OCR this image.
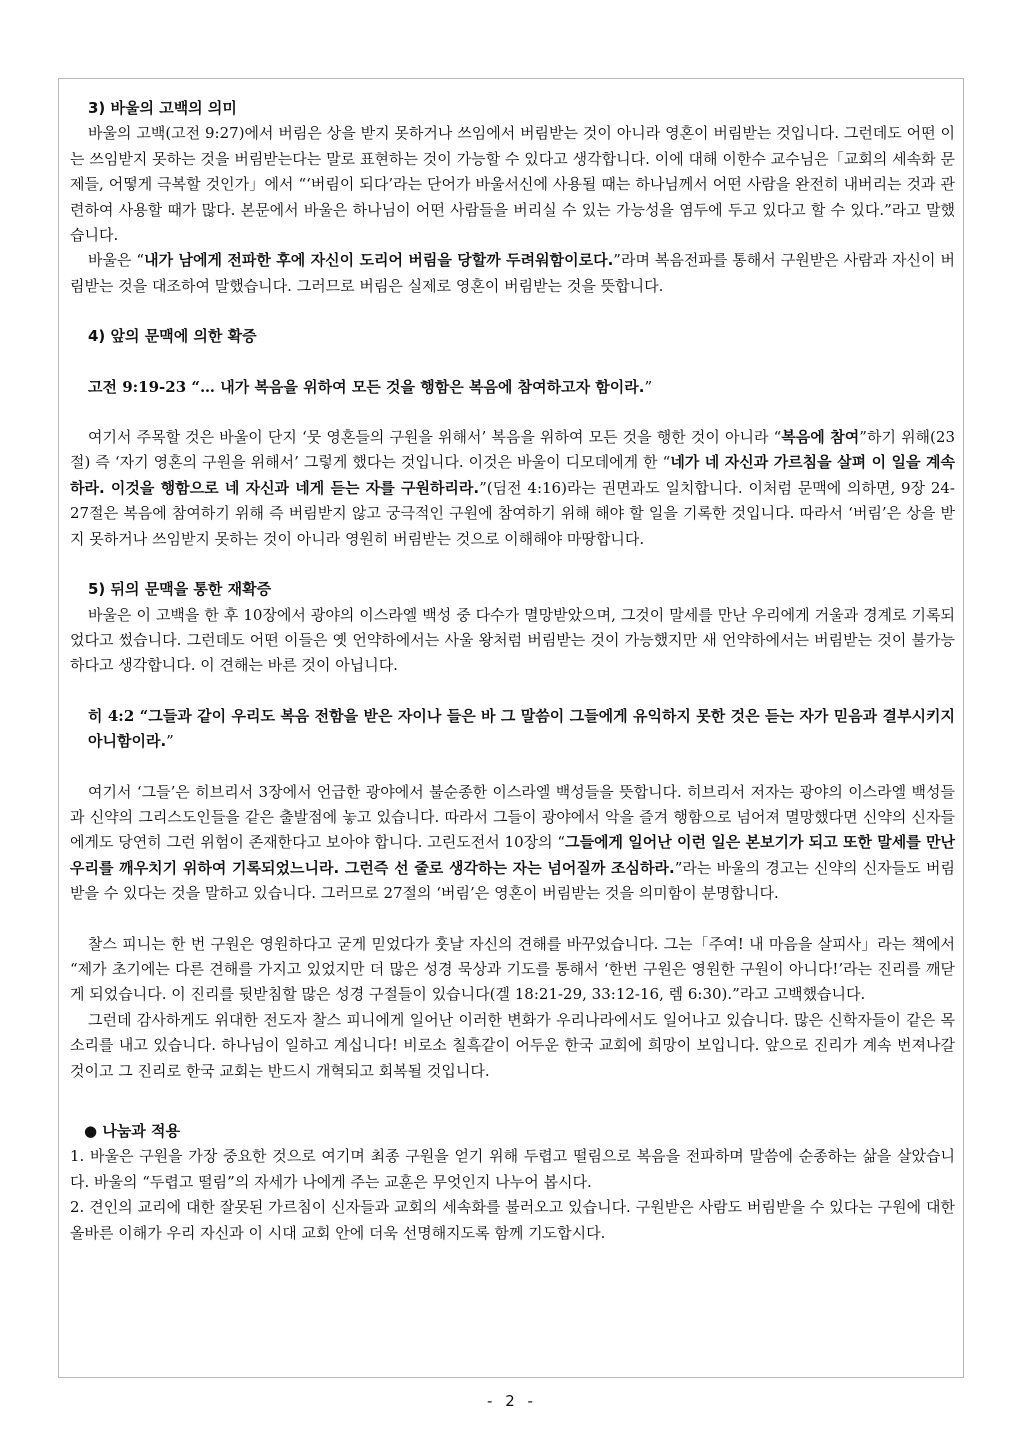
3) 바울의 고백의 의미

바울의 고백(고전 9:27)에서 버림은 상을 받지 못하거나 쓰임에서 버림받는 것이 아니라 영혼이 버림받는 것입니다. 그런데도 어떤 이는 쓰임받지 못하는 것을 버림받는다는 말로 표현하는 것이 가능할 수 있다고 생각합니다. 이에 대해 이한수 교수님은「교회의 세속화 문제들, 어떻게 극복할 것인가」에서 “‘버림이 되다’라는 단어가 바울서신에 사용될 때는 하나님께서 어떤 사람을 완전히 내버리는 것과 관련하여 사용할 때가 많다. 본문에서 바울은 하나님이 어떤 사람들을 버리실 수 있는 가능성을 염두에 두고 있다고 할 수 있다.”라고 말했습니다.

바울은 “내가 남에게 전파한 후에 자신이 도리어 버림을 당할까 두려워함이로다.”라며 복음전파를 통해서 구원받은 사람과 자신이 버림받는 것을 대조하여 말했습니다. 그러므로 버림은 실제로 영혼이 버림받는 것을 뜻합니다.

4) 앞의 문맥에 의한 확증

고전 9:19-23 “… 내가 복음을 위하여 모든 것을 행함은 복음에 참여하고자 함이라.”

여기서 주목할 것은 바울이 단지 ‘뭇 영혼들의 구원을 위해서’ 복음을 위하여 모든 것을 행한 것이 아니라 “복음에 참여”하기 위해(23절) 즉 ‘자기 영혼의 구원을 위해서’ 그렇게 했다는 것입니다. 이것은 바울이 디모데에게 한 “네가 네 자신과 가르침을 살펴 이 일을 계속하라. 이것을 행함으로 네 자신과 네게 듣는 자를 구원하리라.”(딤전 4:16)라는 권면과도 일치합니다. 이처럼 문맥에 의하면, 9장 24-27절은 복음에 참여하기 위해 즉 버림받지 않고 궁극적인 구원에 참여하기 위해 해야 할 일을 기록한 것입니다. 따라서 ‘버림’은 상을 받지 못하거나 쓰임받지 못하는 것이 아니라 영원히 버림받는 것으로 이해해야 마땅합니다.

5) 뒤의 문맥을 통한 재확증

바울은 이 고백을 한 후 10장에서 광야의 이스라엘 백성 중 다수가 멸망받았으며, 그것이 말세를 만난 우리에게 거울과 경계로 기록되었다고 썼습니다. 그런데도 어떤 이들은 옛 언약하에서는 사울 왕처럼 버림받는 것이 가능했지만 새 언약하에서는 버림받는 것이 불가능하다고 생각합니다. 이 견해는 바른 것이 아닙니다.

히 4:2 “그들과 같이 우리도 복음 전함을 받은 자이나 들은 바 그 말씀이 그들에게 유익하지 못한 것은 듣는 자가 믿음과 결부시키지 아니함이라.”

여기서 ‘그들’은 히브리서 3장에서 언급한 광야에서 불순종한 이스라엘 백성들을 뜻합니다. 히브리서 저자는 광야의 이스라엘 백성들과 신약의 그리스도인들을 같은 출발점에 놓고 있습니다. 따라서 그들이 광야에서 악을 즐겨 행함으로 넘어져 멸망했다면 신약의 신자들에게도 당연히 그런 위험이 존재한다고 보아야 합니다. 고린도전서 10장의 “그들에게 일어난 이런 일은 본보기가 되고 또한 말세를 만난 우리를 깨우치기 위하여 기록되었느니라. 그런즉 선 줄로 생각하는 자는 넘어질까 조심하라.”라는 바울의 경고는 신약의 신자들도 버림받을 수 있다는 것을 말하고 있습니다. 그러므로 27절의 ‘버림’은 영혼이 버림받는 것을 의미함이 분명합니다.

찰스 피니는 한 번 구원은 영원하다고 굳게 믿었다가 훗날 자신의 견해를 바꾸었습니다. 그는「주여! 내 마음을 살피사」라는 책에서 “제가 초기에는 다른 견해를 가지고 있었지만 더 많은 성경 묵상과 기도를 통해서 ‘한번 구원은 영원한 구원이 아니다!’라는 진리를 깨닫게 되었습니다. 이 진리를 뒷받침할 많은 성경 구절들이 있습니다(겔 18:21-29, 33:12-16, 렘 6:30).”라고 고백했습니다.

그런데 감사하게도 위대한 전도자 찰스 피니에게 일어난 이러한 변화가 우리나라에서도 일어나고 있습니다. 많은 신학자들이 같은 목소리를 내고 있습니다. 하나님이 일하고 계십니다! 비로소 칠흑같이 어두운 한국 교회에 희망이 보입니다. 앞으로 진리가 계속 번져나갈 것이고 그 진리로 한국 교회는 반드시 개혁되고 회복될 것입니다.

● 나눔과 적용

1. 바울은 구원을 가장 중요한 것으로 여기며 최종 구원을 얻기 위해 두렵고 떨림으로 복음을 전파하며 말씀에 순종하는 삶을 살았습니다. 바울의 “두렵고 떨림”의 자세가 나에게 주는 교훈은 무엇인지 나누어 봅시다.

2. 견인의 교리에 대한 잘못된 가르침이 신자들과 교회의 세속화를 불러오고 있습니다. 구원받은 사람도 버림받을 수 있다는 구원에 대한 올바른 이해가 우리 자신과 이 시대 교회 안에 더욱 선명해지도록 함께 기도합시다.

- 2 -
